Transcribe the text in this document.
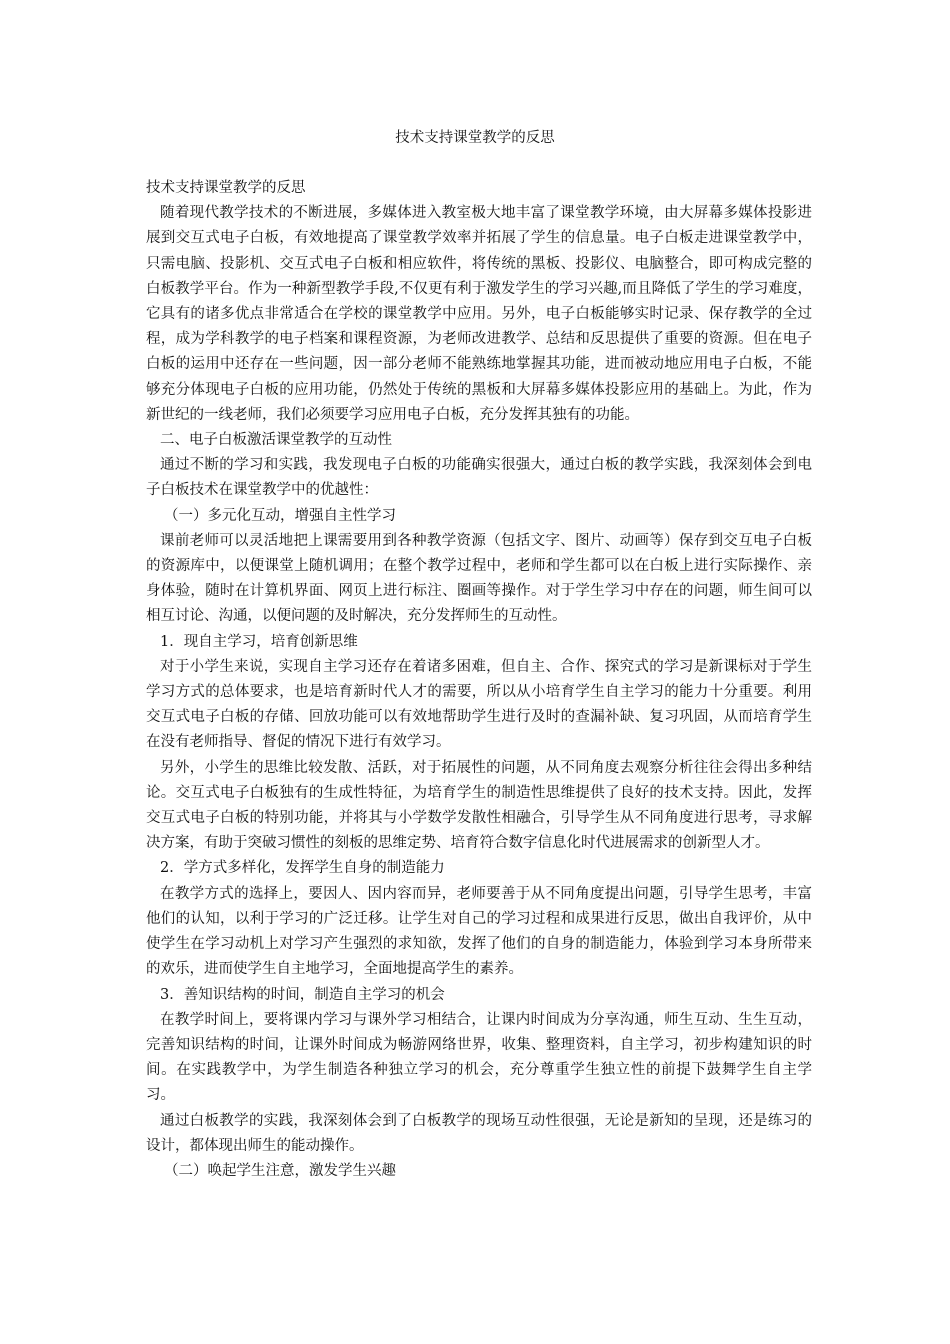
技术支持课堂教学的反思

技术支持课堂教学的反思

随着现代教学技术的不断进展，多媒体进入教室极大地丰富了课堂教学环境，由大屏幕多媒体投影进展到交互式电子白板，有效地提高了课堂教学效率并拓展了学生的信息量。电子白板走进课堂教学中，只需电脑、投影机、交互式电子白板和相应软件，将传统的黑板、投影仪、电脑整合，即可构成完整的白板教学平台。作为一种新型教学手段,不仅更有利于激发学生的学习兴趣,而且降低了学生的学习难度，它具有的诸多优点非常适合在学校的课堂教学中应用。另外，电子白板能够实时记录、保存教学的全过程，成为学科教学的电子档案和课程资源，为老师改进教学、总结和反思提供了重要的资源。但在电子白板的运用中还存在一些问题，因一部分老师不能熟练地掌握其功能，进而被动地应用电子白板，不能够充分体现电子白板的应用功能，仍然处于传统的黑板和大屏幕多媒体投影应用的基础上。为此，作为新世纪的一线老师，我们必须要学习应用电子白板，充分发挥其独有的功能。

二、电子白板激活课堂教学的互动性

通过不断的学习和实践，我发现电子白板的功能确实很强大，通过白板的教学实践，我深刻体会到电子白板技术在课堂教学中的优越性：

（一）多元化互动，增强自主性学习

课前老师可以灵活地把上课需要用到各种教学资源（包括文字、图片、动画等）保存到交互电子白板的资源库中，以便课堂上随机调用；在整个教学过程中，老师和学生都可以在白板上进行实际操作、亲身体验，随时在计算机界面、网页上进行标注、圈画等操作。对于学生学习中存在的问题，师生间可以相互讨论、沟通，以便问题的及时解决，充分发挥师生的互动性。

1．现自主学习，培育创新思维

对于小学生来说，实现自主学习还存在着诸多困难，但自主、合作、探究式的学习是新课标对于学生学习方式的总体要求，也是培育新时代人才的需要，所以从小培育学生自主学习的能力十分重要。利用交互式电子白板的存储、回放功能可以有效地帮助学生进行及时的查漏补缺、复习巩固，从而培育学生在没有老师指导、督促的情况下进行有效学习。

另外，小学生的思维比较发散、活跃，对于拓展性的问题，从不同角度去观察分析往往会得出多种结论。交互式电子白板独有的生成性特征，为培育学生的制造性思维提供了良好的技术支持。因此，发挥交互式电子白板的特别功能，并将其与小学数学发散性相融合，引导学生从不同角度进行思考，寻求解决方案，有助于突破习惯性的刻板的思维定势、培育符合数字信息化时代进展需求的创新型人才。

2．学方式多样化，发挥学生自身的制造能力

在教学方式的选择上，要因人、因内容而异，老师要善于从不同角度提出问题，引导学生思考，丰富他们的认知，以利于学习的广泛迁移。让学生对自己的学习过程和成果进行反思，做出自我评价，从中使学生在学习动机上对学习产生强烈的求知欲，发挥了他们的自身的制造能力，体验到学习本身所带来的欢乐，进而使学生自主地学习，全面地提高学生的素养。

3．善知识结构的时间，制造自主学习的机会

在教学时间上，要将课内学习与课外学习相结合，让课内时间成为分享沟通，师生互动、生生互动，完善知识结构的时间，让课外时间成为畅游网络世界，收集、整理资料，自主学习，初步构建知识的时间。在实践教学中，为学生制造各种独立学习的机会，充分尊重学生独立性的前提下鼓舞学生自主学习。

通过白板教学的实践，我深刻体会到了白板教学的现场互动性很强，无论是新知的呈现，还是练习的设计，都体现出师生的能动操作。

（二）唤起学生注意，激发学生兴趣
